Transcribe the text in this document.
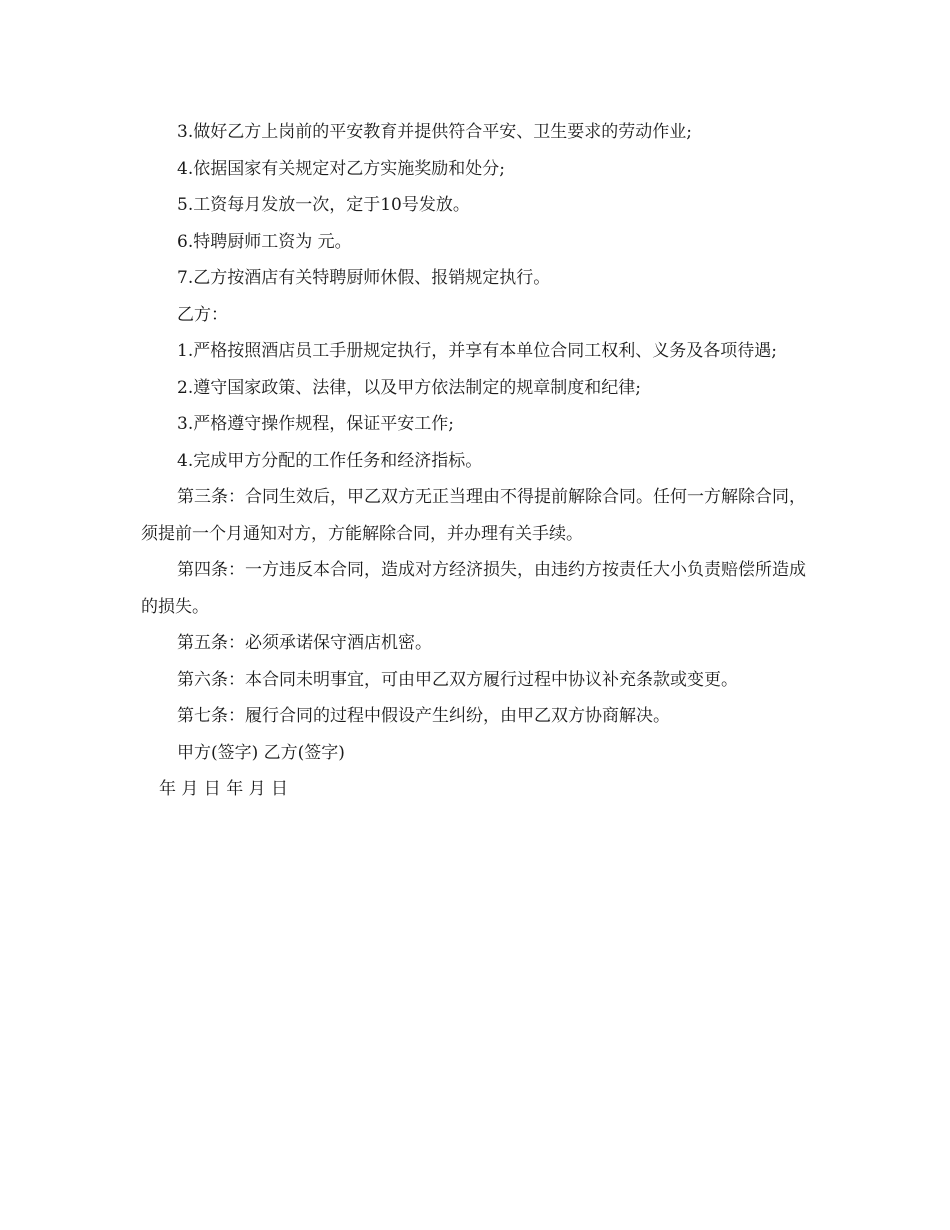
3.做好乙方上岗前的平安教育并提供符合平安、卫生要求的劳动作业;

4.依据国家有关规定对乙方实施奖励和处分;

5.工资每月发放一次，定于10号发放。

6.特聘厨师工资为 元。

7.乙方按酒店有关特聘厨师休假、报销规定执行。

乙方：

1.严格按照酒店员工手册规定执行，并享有本单位合同工权利、义务及各项待遇;

2.遵守国家政策、法律，以及甲方依法制定的规章制度和纪律;

3.严格遵守操作规程，保证平安工作;

4.完成甲方分配的工作任务和经济指标。

第三条：合同生效后，甲乙双方无正当理由不得提前解除合同。任何一方解除合同，须提前一个月通知对方，方能解除合同，并办理有关手续。

第四条：一方违反本合同，造成对方经济损失，由违约方按责任大小负责赔偿所造成的损失。

第五条：必须承诺保守酒店机密。

第六条：本合同未明事宜，可由甲乙双方履行过程中协议补充条款或变更。

第七条：履行合同的过程中假设产生纠纷，由甲乙双方协商解决。

甲方(签字) 乙方(签字)

年 月 日 年 月 日
